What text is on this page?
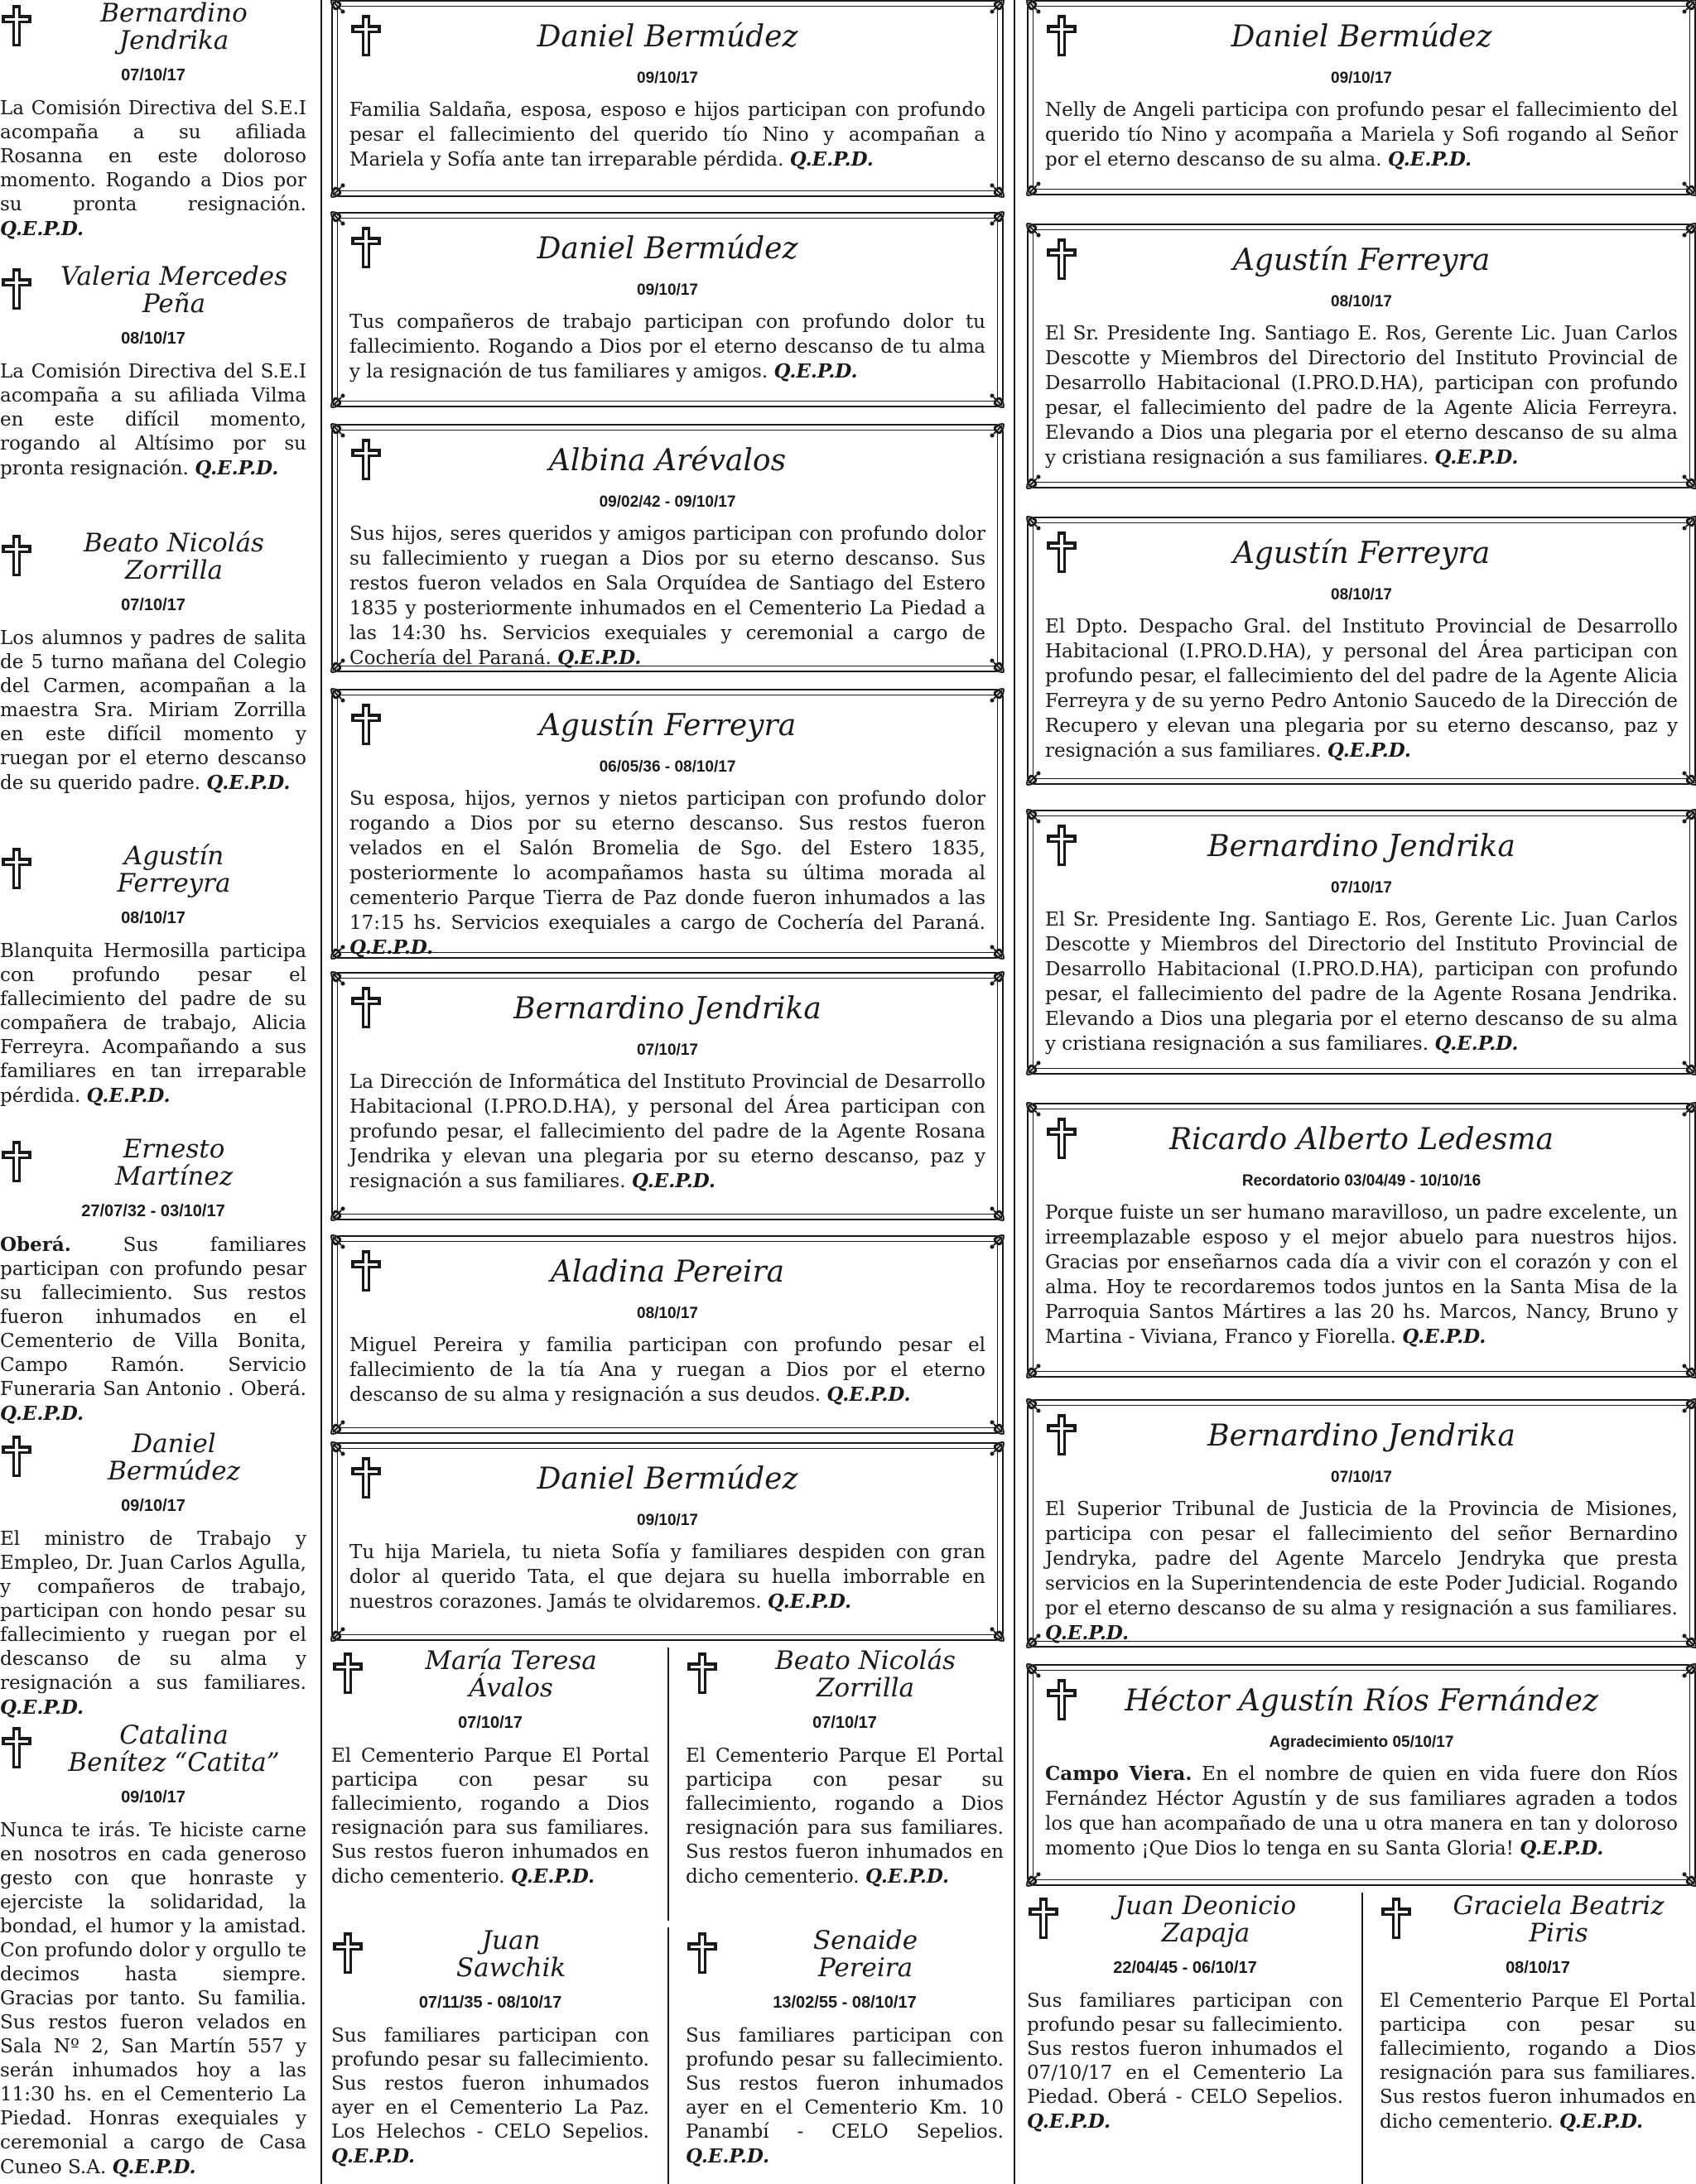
Bernardino
Jendrika
07/10/17
La Comisión Directiva del S.E.I acompaña a su afiliada Rosanna en este doloroso momento. Rogando a Dios por su pronta resignación. Q.E.P.D.
Valeria Mercedes
Peña
08/10/17
La Comisión Directiva del S.E.I acompaña a su afiliada Vilma en este difícil momento, rogando al Altísimo por su pronta resignación. Q.E.P.D.
Beato Nicolás
Zorrilla
07/10/17
Los alumnos y padres de salita de 5 turno mañana del Colegio del Carmen, acompañan a la maestra Sra. Miriam Zorrilla en este difícil momento y ruegan por el eterno descanso de su querido padre. Q.E.P.D.
Agustín
Ferreyra
08/10/17
Blanquita Hermosilla participa con profundo pesar el fallecimiento del padre de su compañera de trabajo, Alicia Ferreyra. Acompañando a sus familiares en tan irreparable pérdida. Q.E.P.D.
Ernesto
Martínez
27/07/32 - 03/10/17
Oberá.	Sus familiares participan con profundo pesar su fallecimiento. Sus restos fueron inhumados en el Cementerio de Villa Bonita, Campo Ramón. Servicio Funeraria San Antonio . Oberá. Q.E.P.D.
Daniel
Bermúdez
09/10/17
El ministro de Trabajo y Empleo, Dr. Juan Carlos Agulla, y compañeros de trabajo, participan con hondo pesar su fallecimiento y ruegan por el descanso de su alma y resignación a sus familiares. Q.E.P.D.
Catalina
Benítez “Catita”
09/10/17
Nunca te irás. Te hiciste carne en nosotros en cada generoso gesto con que honraste y ejerciste la solidaridad, la bondad, el humor y la amistad. Con profundo dolor y orgullo te decimos hasta siempre. Gracias por tanto. Su familia. Sus restos fueron velados en Sala Nº 2, San Martín 557 y serán inhumados hoy a las 11:30 hs. en el Cementerio La Piedad. Honras exequiales y ceremonial a cargo de Casa Cuneo S.A. Q.E.P.D.
Daniel Bermúdez
09/10/17
Familia Saldaña, esposa, esposo e hijos participan con profundo pesar el fallecimiento del querido tío Nino y acompañan a Mariela y Sofía ante tan irreparable pérdida. Q.E.P.D.
Daniel Bermúdez
09/10/17
Tus compañeros de trabajo participan con profundo dolor tu fallecimiento. Rogando a Dios por el eterno descanso de tu alma y la resignación de tus familiares y amigos. Q.E.P.D.
Albina Arévalos
09/02/42 - 09/10/17
Sus hijos, seres queridos y amigos participan con profundo dolor su fallecimiento y ruegan a Dios por su eterno descanso. Sus restos fueron velados en Sala Orquídea de Santiago del Estero 1835 y posteriormente inhumados en el Cementerio La Piedad a las 14:30 hs. Servicios exequiales y ceremonial a cargo de Cochería del Paraná. Q.E.P.D.
Agustín Ferreyra
06/05/36 - 08/10/17
Su esposa, hijos, yernos y nietos participan con profundo dolor rogando a Dios por su eterno descanso. Sus restos fueron velados en el Salón Bromelia de Sgo. del Estero 1835, posteriormente lo acompañamos hasta su última morada al cementerio Parque Tierra de Paz donde fueron inhumados a las 17:15 hs. Servicios exequiales a cargo de Cochería del Paraná. Q.E.P.D.
Bernardino Jendrika
07/10/17
La Dirección de Informática del Instituto Provincial de Desarrollo Habitacional (I.PRO.D.HA), y personal del Área participan con profundo pesar, el fallecimiento del padre de la Agente Rosana Jendrika y elevan una plegaria por su eterno descanso, paz y resignación a sus familiares. Q.E.P.D.
Aladina Pereira
08/10/17
Miguel Pereira y familia participan con profundo pesar el fallecimiento de la tía Ana y ruegan a Dios por el eterno descanso de su alma y resignación a sus deudos. Q.E.P.D.
Daniel Bermúdez
09/10/17
Tu hija Mariela, tu nieta Sofía y familiares despiden con gran dolor al querido Tata, el que dejara su huella imborrable en nuestros corazones. Jamás te olvidaremos. Q.E.P.D.
María Teresa
Ávalos
07/10/17
El Cementerio Parque El Portal participa con pesar su fallecimiento, rogando a Dios resignación para sus familiares. Sus restos fueron inhumados en dicho cementerio. Q.E.P.D.
Beato Nicolás
Zorrilla
07/10/17
El Cementerio Parque El Portal participa con pesar su fallecimiento, rogando a Dios resignación para sus familiares. Sus restos fueron inhumados en dicho cementerio. Q.E.P.D.
Juan
Sawchik
07/11/35 - 08/10/17
Sus familiares participan con profundo pesar su fallecimiento. Sus restos fueron inhumados ayer en el Cementerio La Paz. Los Helechos - CELO Sepelios. Q.E.P.D.
Senaide
Pereira
13/02/55 - 08/10/17
Sus familiares participan con profundo pesar su fallecimiento. Sus restos fueron inhumados ayer en el Cementerio Km. 10 Panambí - CELO Sepelios. Q.E.P.D.
Daniel Bermúdez
09/10/17
Nelly de Angeli participa con profundo pesar el fallecimiento del querido tío Nino y acompaña a Mariela y Sofi rogando al Señor por el eterno descanso de su alma. Q.E.P.D.
Agustín Ferreyra
08/10/17
El Sr. Presidente Ing. Santiago E. Ros, Gerente Lic. Juan Carlos Descotte y Miembros del Directorio del Instituto Provincial de Desarrollo Habitacional (I.PRO.D.HA), participan con profundo pesar, el fallecimiento del padre de la Agente Alicia Ferreyra. Elevando a Dios una plegaria por el eterno descanso de su alma y cristiana resignación a sus familiares. Q.E.P.D.
Agustín Ferreyra
08/10/17
El Dpto. Despacho Gral. del Instituto Provincial de Desarrollo Habitacional (I.PRO.D.HA), y personal del Área participan con profundo pesar, el fallecimiento del del padre de la Agente Alicia Ferreyra y de su yerno Pedro Antonio Saucedo de la Dirección de Recupero y elevan una plegaria por su eterno descanso, paz y resignación a sus familiares. Q.E.P.D.
Bernardino Jendrika
07/10/17
El Sr. Presidente Ing. Santiago E. Ros, Gerente Lic. Juan Carlos Descotte y Miembros del Directorio del Instituto Provincial de Desarrollo Habitacional (I.PRO.D.HA), participan con profundo pesar, el fallecimiento del padre de la Agente Rosana Jendrika. Elevando a Dios una plegaria por el eterno descanso de su alma y cristiana resignación a sus familiares. Q.E.P.D.
Ricardo Alberto Ledesma
Recordatorio 03/04/49 - 10/10/16
Porque fuiste un ser humano maravilloso, un padre excelente, un irreemplazable esposo y el mejor abuelo para nuestros hijos. Gracias por enseñarnos cada día a vivir con el corazón y con el alma. Hoy te recordaremos todos juntos en la Santa Misa de la Parroquia Santos Mártires a las 20 hs. Marcos, Nancy, Bruno y Martina - Viviana, Franco y Fiorella. Q.E.P.D.
Bernardino Jendrika
07/10/17
El Superior Tribunal de Justicia de la Provincia de Misiones, participa con pesar el fallecimiento del señor Bernardino Jendryka, padre del Agente Marcelo Jendryka que presta servicios en la Superintendencia de este Poder Judicial. Rogando por el eterno descanso de su alma y resignación a sus familiares. Q.E.P.D.
Héctor Agustín Ríos Fernández
Agradecimiento 05/10/17
Campo Viera. En el nombre de quien en vida fuere don Ríos Fernández Héctor Agustín y de sus familiares agraden a todos los que han acompañado de una u otra manera en tan y doloroso momento ¡Que Dios lo tenga en su Santa Gloria! Q.E.P.D.
Juan Deonicio
Zapaja
22/04/45 - 06/10/17
Sus familiares participan con profundo pesar su fallecimiento. Sus restos fueron inhumados el 07/10/17 en el Cementerio La Piedad. Oberá - CELO Sepelios. Q.E.P.D.
Graciela Beatriz
Piris
08/10/17
El Cementerio Parque El Portal participa con pesar su fallecimiento, rogando a Dios resignación para sus familiares. Sus restos fueron inhumados en dicho cementerio. Q.E.P.D.
